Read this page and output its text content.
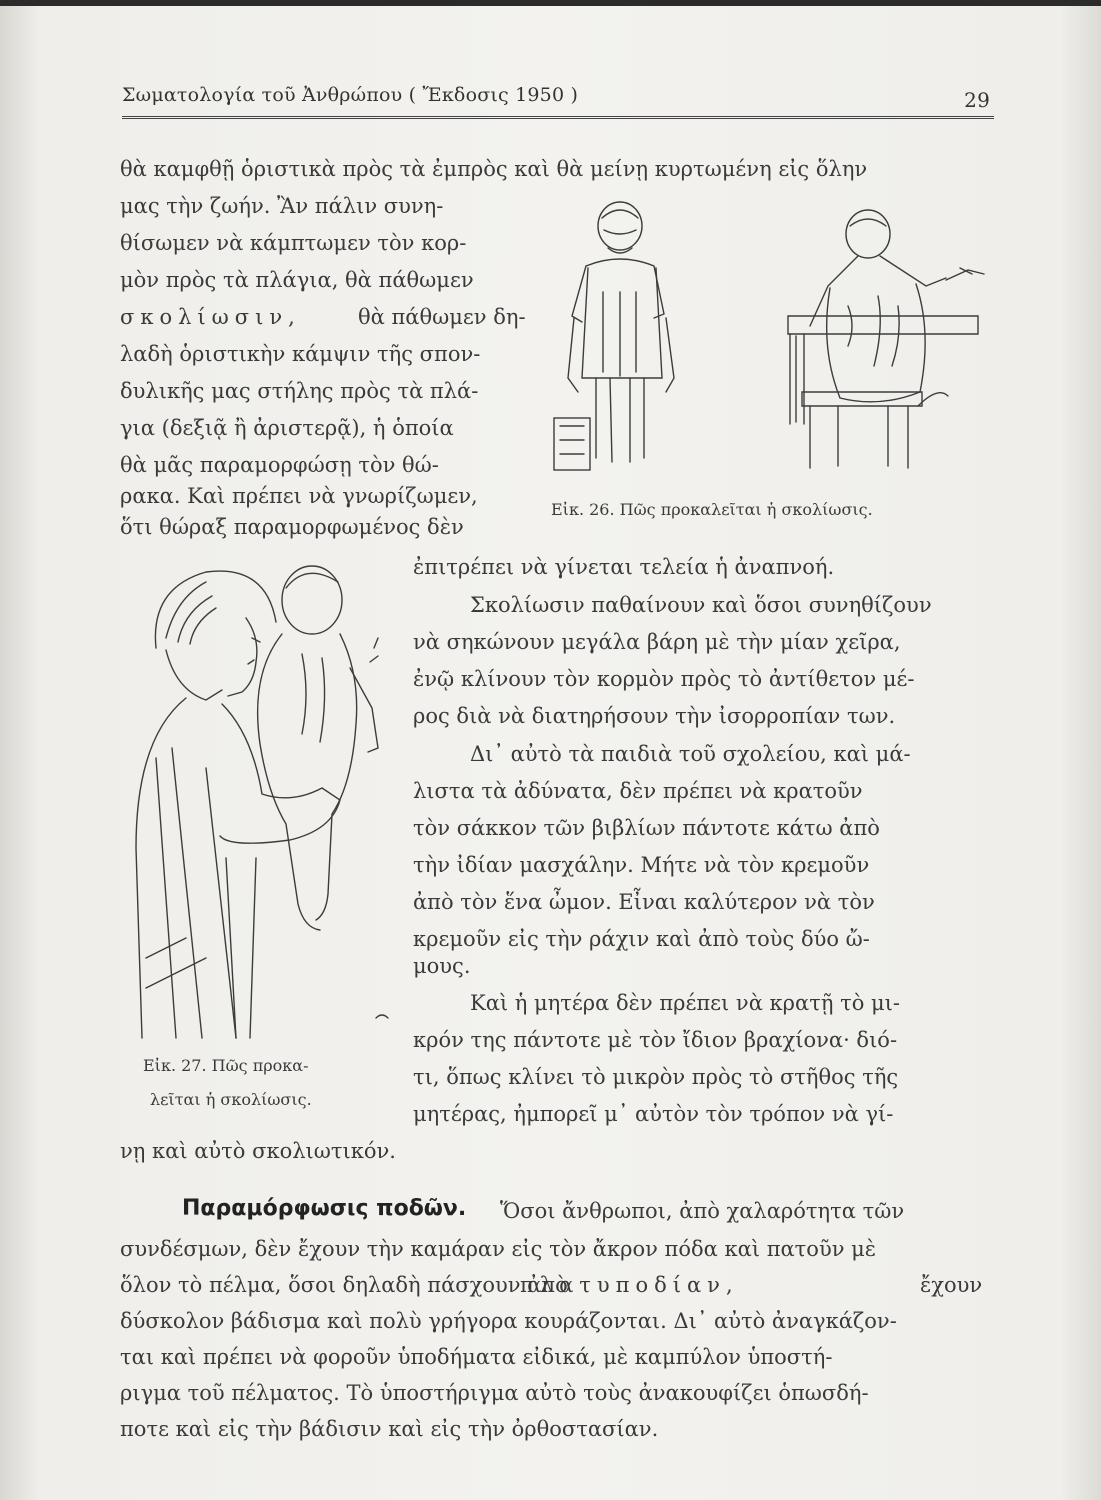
Σωματολογία τοῦ Ἀνθρώπου ( Ἔκδοσις 1950 )	29
θὰ καμφθῇ ὁριστικὰ πρὸς τὰ ἐμπρὸς καὶ θὰ μείνῃ κυρτωμένη εἰς ὅλην
μας τὴν ζωήν. Ἂν πάλιν συνη-
θίσωμεν νὰ κάμπτωμεν τὸν κορ-
μὸν πρὸς τὰ πλάγια, θὰ πάθωμεν
σκολίωσιν,	θὰ πάθωμεν δη-
λαδὴ ὁριστικὴν κάμψιν τῆς σπον-
δυλικῆς μας στήλης πρὸς τὰ πλά-
για (δεξιᾷ ἢ ἀριστερᾷ), ἡ ὁποία
θὰ μᾶς παραμορφώσῃ τὸν θώ-
ρακα. Καὶ πρέπει νὰ γνωρίζωμεν,
ὅτι θώραξ παραμορφωμένος δὲν
ἐπιτρέπει νὰ γίνεται τελεία ἡ ἀναπνοή.
Σκολίωσιν παθαίνουν καὶ ὅσοι συνηθίζουν
νὰ σηκώνουν μεγάλα βάρη μὲ τὴν μίαν χεῖρα,
ἐνῷ κλίνουν τὸν κορμὸν πρὸς τὸ ἀντίθετον μέ-
ρος διὰ νὰ διατηρήσουν τὴν ἰσορροπίαν των.
Δι᾿ αὐτὸ τὰ παιδιὰ τοῦ σχολείου, καὶ μά-
λιστα τὰ ἀδύνατα, δὲν πρέπει νὰ κρατοῦν
τὸν σάκκον τῶν βιβλίων πάντοτε κάτω ἀπὸ
τὴν ἰδίαν μασχάλην. Μήτε νὰ τὸν κρεμοῦν
ἀπὸ τὸν ἕνα ὦμον. Εἶναι καλύτερον νὰ τὸν
κρεμοῦν εἰς τὴν ράχιν καὶ ἀπὸ τοὺς δύο ὤ-
μους.
Καὶ ἡ μητέρα δὲν πρέπει νὰ κρατῇ τὸ μι-
κρόν της πάντοτε μὲ τὸν ἴδιον βραχίονα· διό-
τι, ὅπως κλίνει τὸ μικρὸν πρὸς τὸ στῆθος τῆς
μητέρας, ἠμπορεῖ μ᾿ αὐτὸν τὸν τρόπον νὰ γί-
νῃ καὶ αὐτὸ σκολιωτικόν.
Παραμόρφωσις ποδῶν. Ὅσοι ἄνθρωποι, ἀπὸ χαλαρότητα τῶν
συνδέσμων, δὲν ἔχουν τὴν καμάραν εἰς τὸν ἄκρον πόδα καὶ πατοῦν μὲ
ὅλον τὸ πέλμα, ὅσοι δηλαδὴ πάσχουν ἀπὸ
πλατυποδίαν,	ἔχουν
δύσκολον βάδισμα καὶ πολὺ γρήγορα κουράζονται. Δι᾿ αὐτὸ ἀναγκάζον-
ται καὶ πρέπει νὰ φοροῦν ὑποδήματα εἰδικά, μὲ καμπύλον ὑποστή-
ριγμα τοῦ πέλματος. Τὸ ὑποστήριγμα αὐτὸ τοὺς ἀνακουφίζει ὁπωσδή-
ποτε καὶ εἰς τὴν βάδισιν καὶ εἰς τὴν ὀρθοστασίαν.
Εἰκ. 26. Πῶς προκαλεῖται ἡ σκολίωσις.
Εἰκ. 27. Πῶς προκα-
λεῖται ἡ σκολίωσις.
